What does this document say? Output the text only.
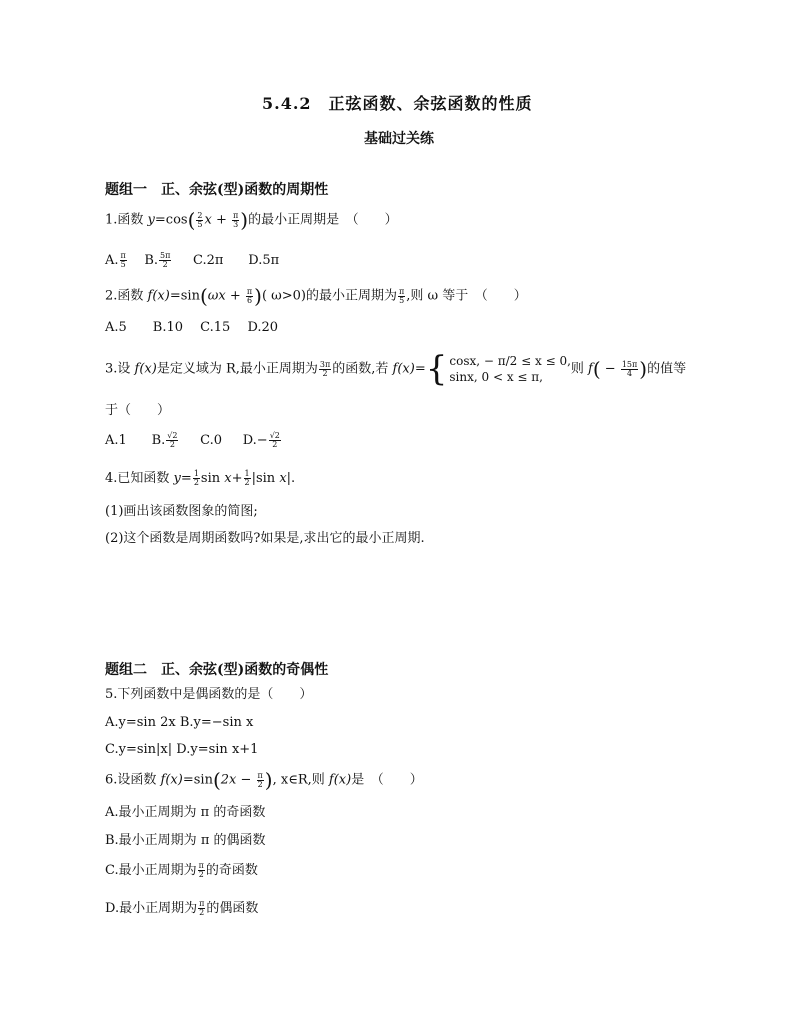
5.4.2　正弦函数、余弦函数的性质
基础过关练
题组一　正、余弦(型)函数的周期性
1.函数 $y=\cos( \frac{2}{5}$ $x + \frac{\pi}{3}$ )的最小正周期是　（　　）
A. $\frac{\pi}{5} B$. $\frac{5\pi}{2} C.2\pi$ D.5π
2.函数 $f(x)=\sin(\omega x + \frac{\pi}{6}$ )( ω>0)的最小正周期为 $\frac{\pi}{5}$ ,则 ω 等于　（　　）
A.5　　B.10　 C.15　 D.20
3.设 f(x)是定义域为 R,最小正周期为 $\frac{3\pi}{2}$ 的函数,若 f(x)= { cosx, − π/2 ≤ x ≤ 0,
sinx, 0 < x ≤ π,
则 $f( - \frac{15\pi}{4}$ )的值等
于（　　）
A.1 B. $\frac{√2}{2} C.0$ $D.- \frac{√2}{2}$
4.已知函数 $y= \frac{1}{2}$ $\sin x+ \frac{1}{2} |\sin$ x|.
(1)画出该函数图象的简图;
(2)这个函数是周期函数吗?如果是,求出它的最小正周期.
题组二　正、余弦(型)函数的奇偶性
5.下列函数中是偶函数的是（　　）
A.y=sin 2x B.y=−sin x
C.y=sin|x| D.y=sin x+1
6.设函数 $f(x)=\sin(2x - \frac{\pi}{2}$ ), x∈R,则 f(x)是　（　　）
A.最小正周期为 π 的奇函数
B.最小正周期为 π 的偶函数
C.最小正周期为 $\frac{\pi}{2}$ 的奇函数
D.最小正周期为 $\frac{\pi}{2}$ 的偶函数
